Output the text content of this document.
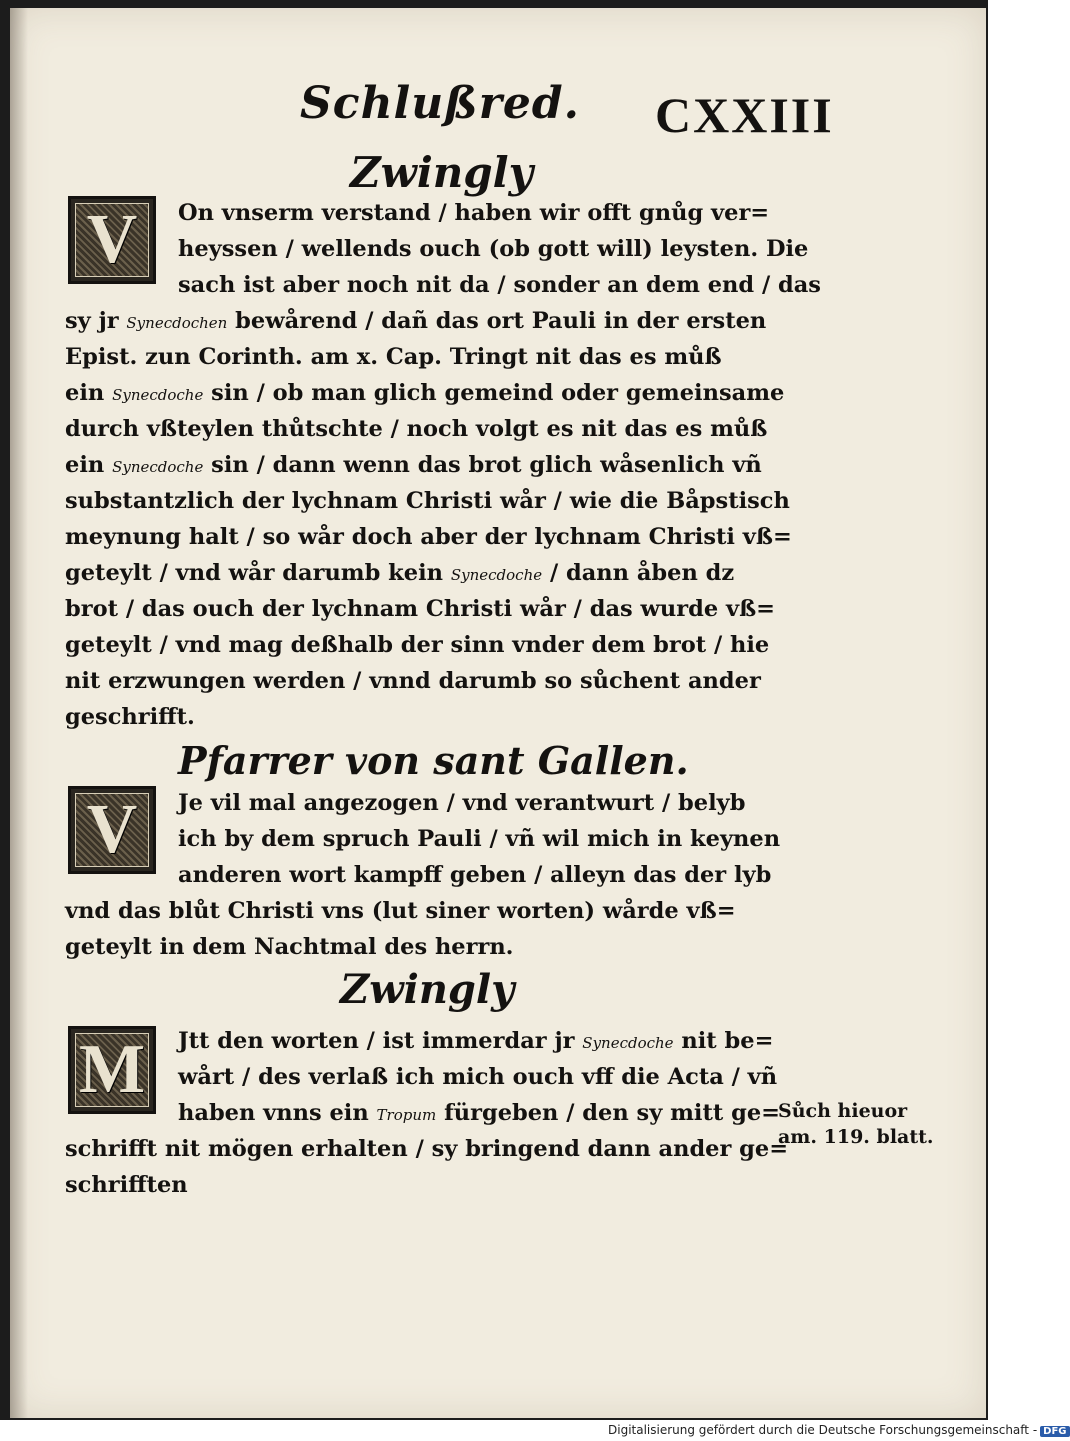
Schlußred. CXXIII
Zwingly
V On vnserm verstand / haben wir offt gnůg ver=
heyssen / wellends ouch (ob gott will) leysten. Die
sach ist aber noch nit da / sonder an dem end / das
sy jr Synecdochen bewårend / dañ das ort Pauli in der ersten
Epist. zun Corinth. am x. Cap. Tringt nit das es můß
ein Synecdoche sin / ob man glich gemeind oder gemeinsame
durch vßteylen thůtschte / noch volgt es nit das es můß
ein Synecdoche sin / dann wenn das brot glich wåsenlich vñ
substantzlich der lychnam Christi wår / wie die Båpstisch
meynung halt / so wår doch aber der lychnam Christi vß=
geteylt / vnd wår darumb kein Synecdoche / dann åben dz
brot / das ouch der lychnam Christi wår / das wurde vß=
geteylt / vnd mag deßhalb der sinn vnder dem brot / hie
nit erzwungen werden / vnnd darumb so sůchent ander
geschrifft.
Pfarrer von sant Gallen.
V Je vil mal angezogen / vnd verantwurt / belyb
ich by dem spruch Pauli / vñ wil mich in keynen
anderen wort kampff geben / alleyn das der lyb
vnd das blůt Christi vns (lut siner worten) wårde vß=
geteylt in dem Nachtmal des herrn.
Zwingly
M Jtt den worten / ist immerdar jr Synecdoche nit be=
wårt / des verlaß ich mich ouch vff die Acta / vñ
haben vnns ein Tropum fürgeben / den sy mitt ge=
schrifft nit mögen erhalten / sy bringend dann ander ge=
schrifften
Sůch hieuor
am. 119. blatt.
Digitalisierung gefördert durch die Deutsche Forschungsgemeinschaft - DFG
